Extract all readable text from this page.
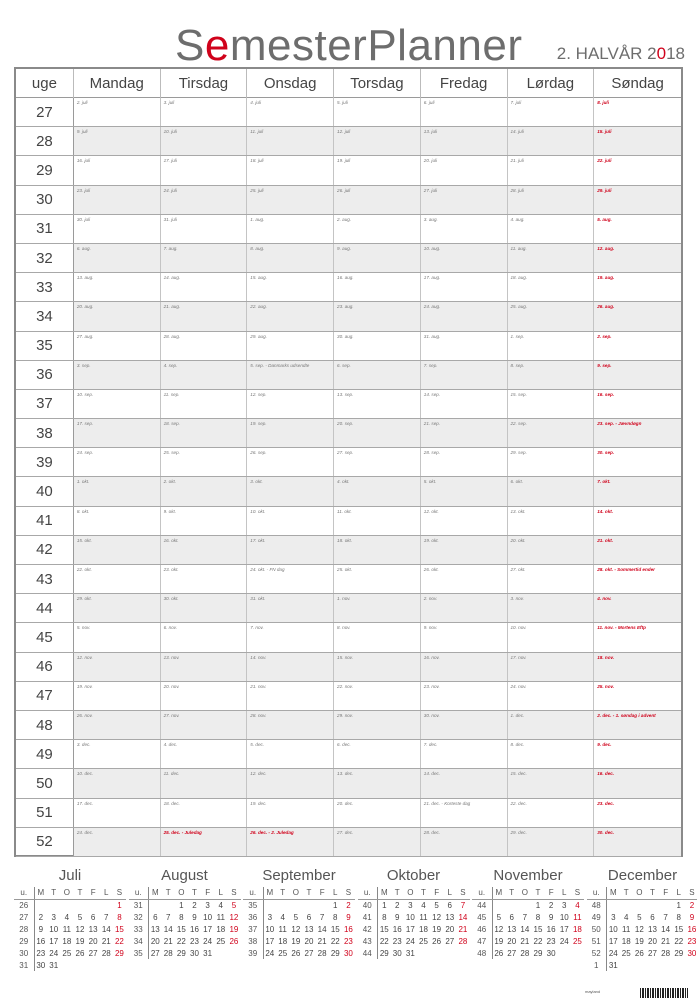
SemesterPlanner 2. HALVÅR 2018
uge	Mandag	Tirsdag	Onsdag	Torsdag	Fredag	Lørdag	Søndag
27
2. juli	3. juli	4. juli	5. juli	6. juli	7. juli	8. juli
28
9. juli	10. juli	11. juli	12. juli	13. juli	14. juli	15. juli
29
16. juli	17. juli	18. juli	19. juli	20. juli	21. juli	22. juli
30
23. juli	24. juli	25. juli	26. juli	27. juli	28. juli	29. juli
31
30. juli	31. juli	1. aug.	2. aug.	3. aug.	4. aug.	5. aug.
32
6. aug.	7. aug.	8. aug.	9. aug.	10. aug.	11. aug.	12. aug.
33
13. aug.	14. aug.	15. aug.	16. aug.	17. aug.	18. aug.	19. aug.
34
20. aug.	21. aug.	22. aug.	23. aug.	24. aug.	25. aug.	26. aug.
35
27. aug.	28. aug.	29. aug.	30. aug.	31. aug.	1. sep.	2. sep.
36
3. sep.	4. sep.	5. sep. - Danmarks udsendte	6. sep.	7. sep.	8. sep.	9. sep.
37
10. sep.	11. sep.	12. sep.	13. sep.	14. sep.	15. sep.	16. sep.
38
17. sep.	18. sep.	19. sep.	20. sep.	21. sep.	22. sep.	23. sep. - Jævndøgn
39
24. sep.	25. sep.	26. sep.	27. sep.	28. sep.	29. sep.	30. sep.
40
1. okt.	2. okt.	3. okt.	4. okt.	5. okt.	6. okt.	7. okt.
41
8. okt.	9. okt.	10. okt.	11. okt.	12. okt.	13. okt.	14. okt.
42
15. okt.	16. okt.	17. okt.	18. okt.	19. okt.	20. okt.	21. okt.
43
22. okt.	23. okt.	24. okt. - FN dag	25. okt.	26. okt.	27. okt.	28. okt. - Sommertid ender
44
29. okt.	30. okt.	31. okt.	1. nov.	2. nov.	3. nov.	4. nov.
45
5. nov.	6. nov.	7. nov.	8. nov.	9. nov.	10. nov.	11. nov. - Mortens Eftp
46
12. nov.	13. nov.	14. nov.	15. nov.	16. nov.	17. nov.	18. nov.
47
19. nov.	20. nov.	21. nov.	22. nov.	23. nov.	24. nov.	25. nov.
48
26. nov.	27. nov.	28. nov.	29. nov.	30. nov.	1. dec.	2. dec. - 1. søndag i advent
49
3. dec.	4. dec.	5. dec.	6. dec.	7. dec.	8. dec.	9. dec.
50
10. dec.	11. dec.	12. dec.	13. dec.	14. dec.	15. dec.	16. dec.
51
17. dec.	18. dec.	19. dec.	20. dec.	21. dec. - Korteste dag	22. dec.	23. dec.
52
24. dec.	25. dec. - Juledag	26. dec. - 2. Juledag	27. dec.	28. dec.	29. dec.	30. dec.
Juli
u.	M	T	O	T	F	L	S
26							1
27	2	3	4	5	6	7	8
28	9	10	11	12	13	14	15
29	16	17	18	19	20	21	22
30	23	24	25	26	27	28	29
31	30	31					
August
u.	M	T	O	T	F	L	S
31			1	2	3	4	5
32	6	7	8	9	10	11	12
33	13	14	15	16	17	18	19
34	20	21	22	23	24	25	26
35	27	28	29	30	31		
September
u.	M	T	O	T	F	L	S
35						1	2
36	3	4	5	6	7	8	9
37	10	11	12	13	14	15	16
38	17	18	19	20	21	22	23
39	24	25	26	27	28	29	30
Oktober
u.	M	T	O	T	F	L	S
40	1	2	3	4	5	6	7
41	8	9	10	11	12	13	14
42	15	16	17	18	19	20	21
43	22	23	24	25	26	27	28
44	29	30	31				
November
u.	M	T	O	T	F	L	S
44				1	2	3	4
45	5	6	7	8	9	10	11
46	12	13	14	15	16	17	18
47	19	20	21	22	23	24	25
48	26	27	28	29	30		
December
u.	M	T	O	T	F	L	S
48						1	2
49	3	4	5	6	7	8	9
50	10	11	12	13	14	15	16
51	17	18	19	20	21	22	23
52	24	25	26	27	28	29	30
1	31						
mayland
